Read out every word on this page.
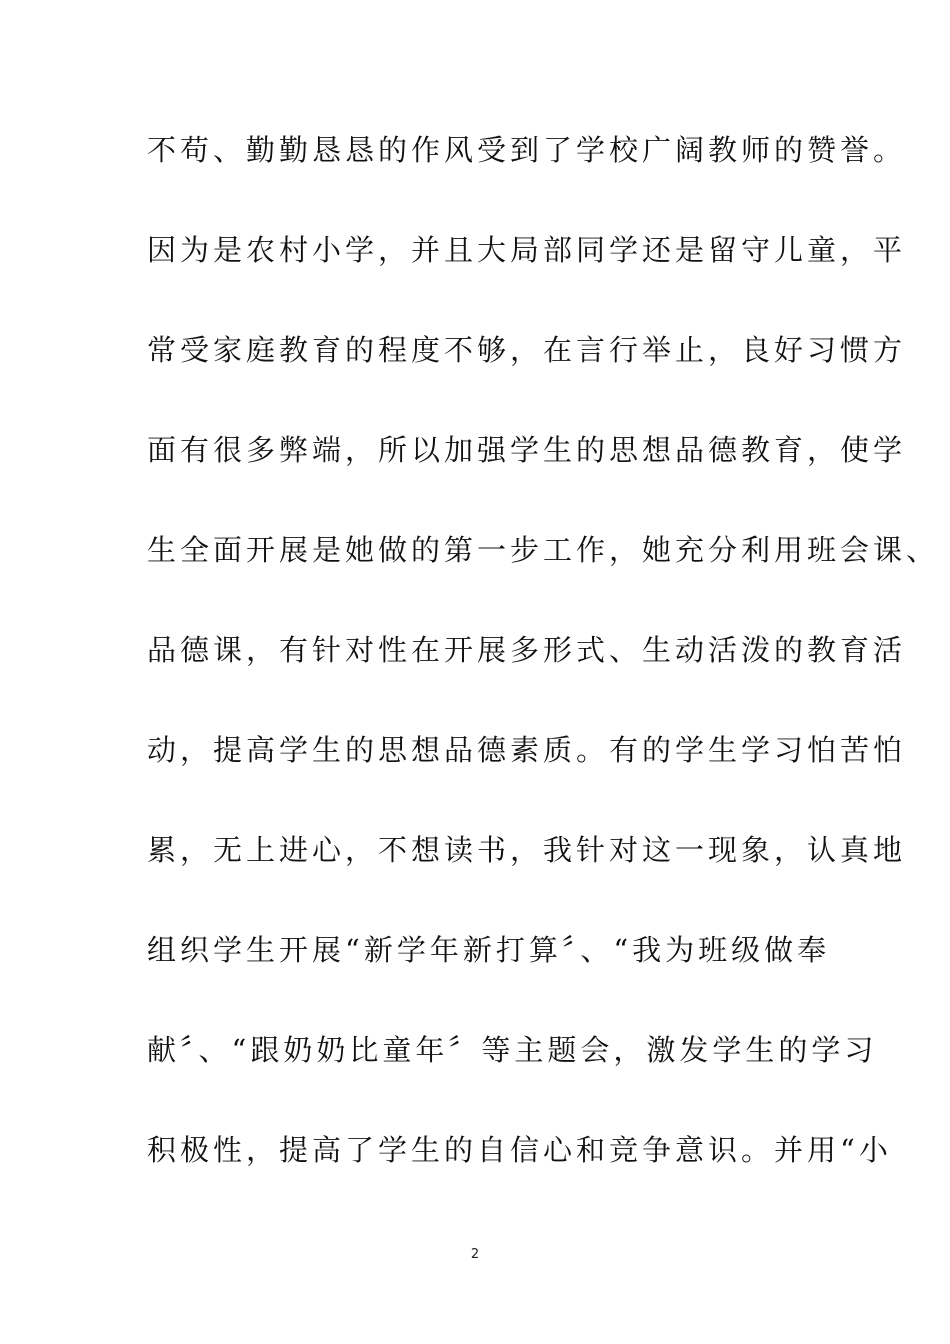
不苟、勤勤恳恳的作风受到了学校广阔教师的赞誉。
因为是农村小学，并且大局部同学还是留守儿童，平
常受家庭教育的程度不够，在言行举止，良好习惯方
面有很多弊端，所以加强学生的思想品德教育，使学
生全面开展是她做的第一步工作，她充分利用班会课、
品德课，有针对性在开展多形式、生动活泼的教育活
动，提高学生的思想品德素质。有的学生学习怕苦怕
累，无上进心，不想读书，我针对这一现象，认真地
组织学生开展“新学年新打算〞、“我为班级做奉
献〞、“跟奶奶比童年〞等主题会，激发学生的学习
积极性，提高了学生的自信心和竞争意识。并用“小
2
